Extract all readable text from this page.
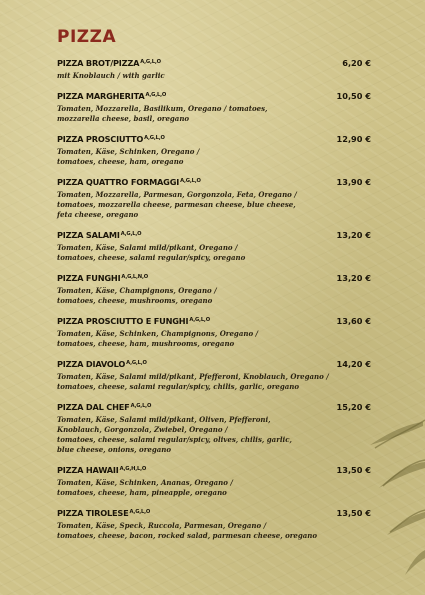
PIZZA
PIZZA BROT/$PIZZA^{A,G,L,O}$	6,20 €
mit Knoblauch / with garlic
PIZZA $MARGHERITA^{A,G,L,O}$	10,50 €
Tomaten, Mozzarella, Basilikum, Oregano / tomatoes,
mozzarella cheese, basil, oregano
PIZZA $PROSCIUTTO^{A,G,L,O}$	12,90 €
Tomaten, Käse, Schinken, Oregano /
tomatoes, cheese, ham, oregano
PIZZA QUATTRO $FORMAGGI^{A,G,L,O}$	13,90 €
Tomaten, Mozzarella, Parmesan, Gorgonzola, Feta, Oregano /
tomatoes, mozzarella cheese, parmesan cheese, blue cheese,
feta cheese, oregano
PIZZA $SALAMI^{A,G,L,O}$	13,20 €
Tomaten, Käse, Salami mild/pikant, Oregano /
tomatoes, cheese, salami regular/spicy, oregano
PIZZA $FUNGHI^{A,G,L,N,O}$	13,20 €
Tomaten, Käse, Champignons, Oregano /
tomatoes, cheese, mushrooms, oregano
PIZZA PROSCIUTTO E $FUNGHI^{A,G,L,O}$	13,60 €
Tomaten, Käse, Schinken, Champignons, Oregano /
tomatoes, cheese, ham, mushrooms, oregano
PIZZA $DIAVOLO^{A,G,L,O}$	14,20 €
Tomaten, Käse, Salami mild/pikant, Pfefferoni, Knoblauch, Oregano /
tomatoes, cheese, salami regular/spicy, chilis, garlic, oregano
PIZZA DAL $CHEF^{A,G,L,O}$	15,20 €
Tomaten, Käse, Salami mild/pikant, Oliven, Pfefferoni,
Knoblauch, Gorgonzola, Zwiebel, Oregano /
tomatoes, cheese, salami regular/spicy, olives, chilis, garlic,
blue cheese, onions, oregano
PIZZA $HAWAII^{A,G,H,L,O}$	13,50 €
Tomaten, Käse, Schinken, Ananas, Oregano /
tomatoes, cheese, ham, pineapple, oregano
PIZZA $TIROLESE^{A,G,L,O}$	13,50 €
Tomaten, Käse, Speck, Ruccola, Parmesan, Oregano /
tomatoes, cheese, bacon, rocked salad, parmesan cheese, oregano
